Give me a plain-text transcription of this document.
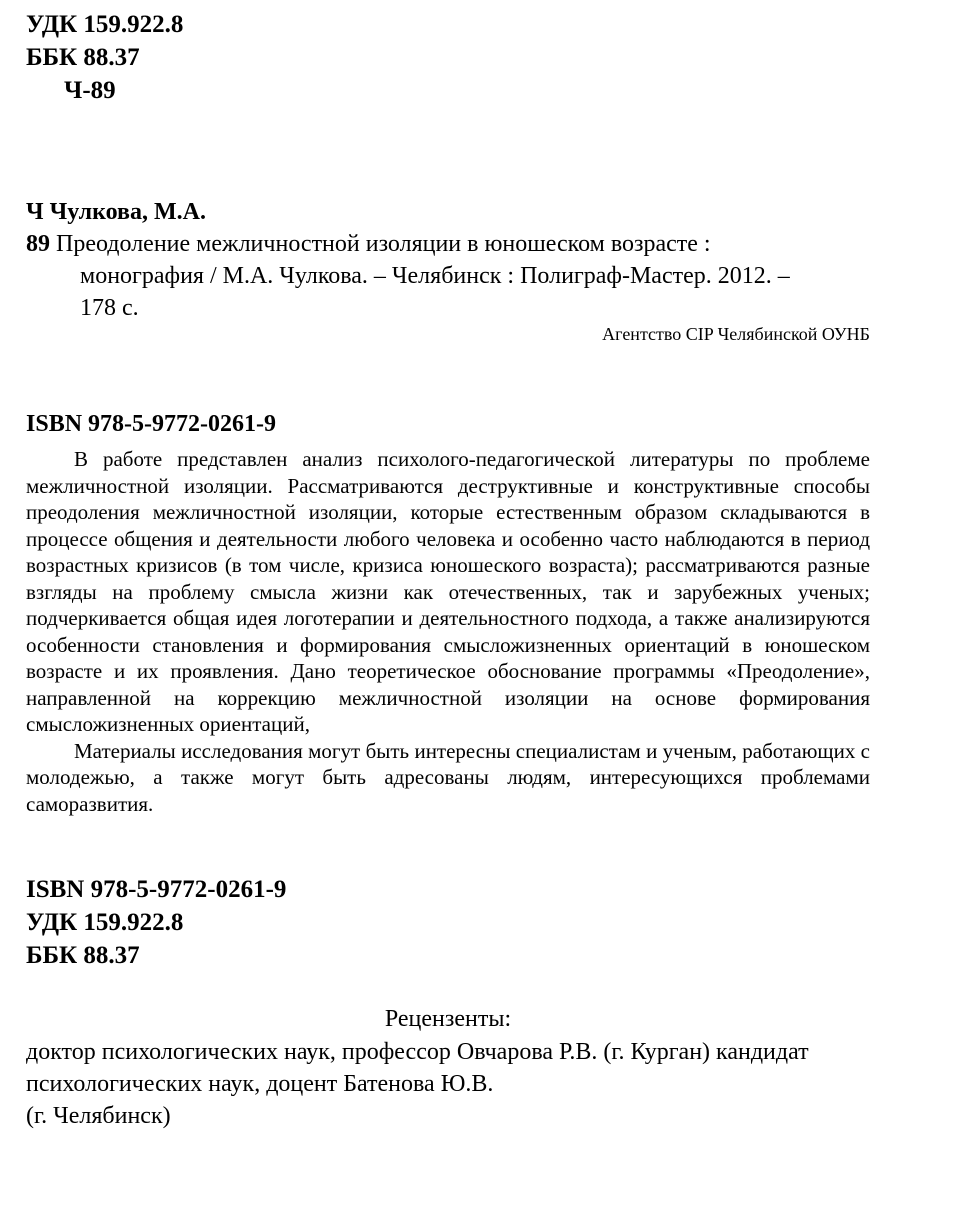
УДК 159.922.8
ББК 88.37
Ч-89
Ч Чулкова, М.А.
89 Преодоление межличностной изоляции в юношеском возрасте :
монография / М.А. Чулкова. – Челябинск : Полиграф-Мастер. 2012. –
178 с.
Агентство CIP Челябинской ОУНБ
ISBN 978-5-9772-0261-9

В работе представлен анализ психолого-педагогической литературы по проблеме межличностной изоляции. Рассматриваются деструктивные и конструктивные способы преодоления межличностной изоляции, которые естественным образом складываются в процессе общения и деятельности любого человека и особенно часто наблюдаются в период возрастных кризисов (в том числе, кризиса юношеского возраста); рассматриваются разные взгляды на проблему смысла жизни как отечественных, так и зарубежных ученых; подчеркивается общая идея логотерапии и деятельностного подхода, а также анализируются особенности становления и формирования смысложизненных ориентаций в юношеском возрасте и их проявления. Дано теоретическое обоснование программы «Преодоление», направленной на коррекцию межличностной изоляции на основе формирования смысложизненных ориентаций,

Материалы исследования могут быть интересны специалистам и ученым, работающих с молодежью, а также могут быть адресованы людям, интересующихся проблемами саморазвития.

ISBN 978-5-9772-0261-9
УДК 159.922.8
ББК 88.37
Рецензенты:
доктор психологических наук, профессор Овчарова Р.В. (г. Курган) кандидат
психологических наук, доцент Батенова Ю.В.
(г. Челябинск)
